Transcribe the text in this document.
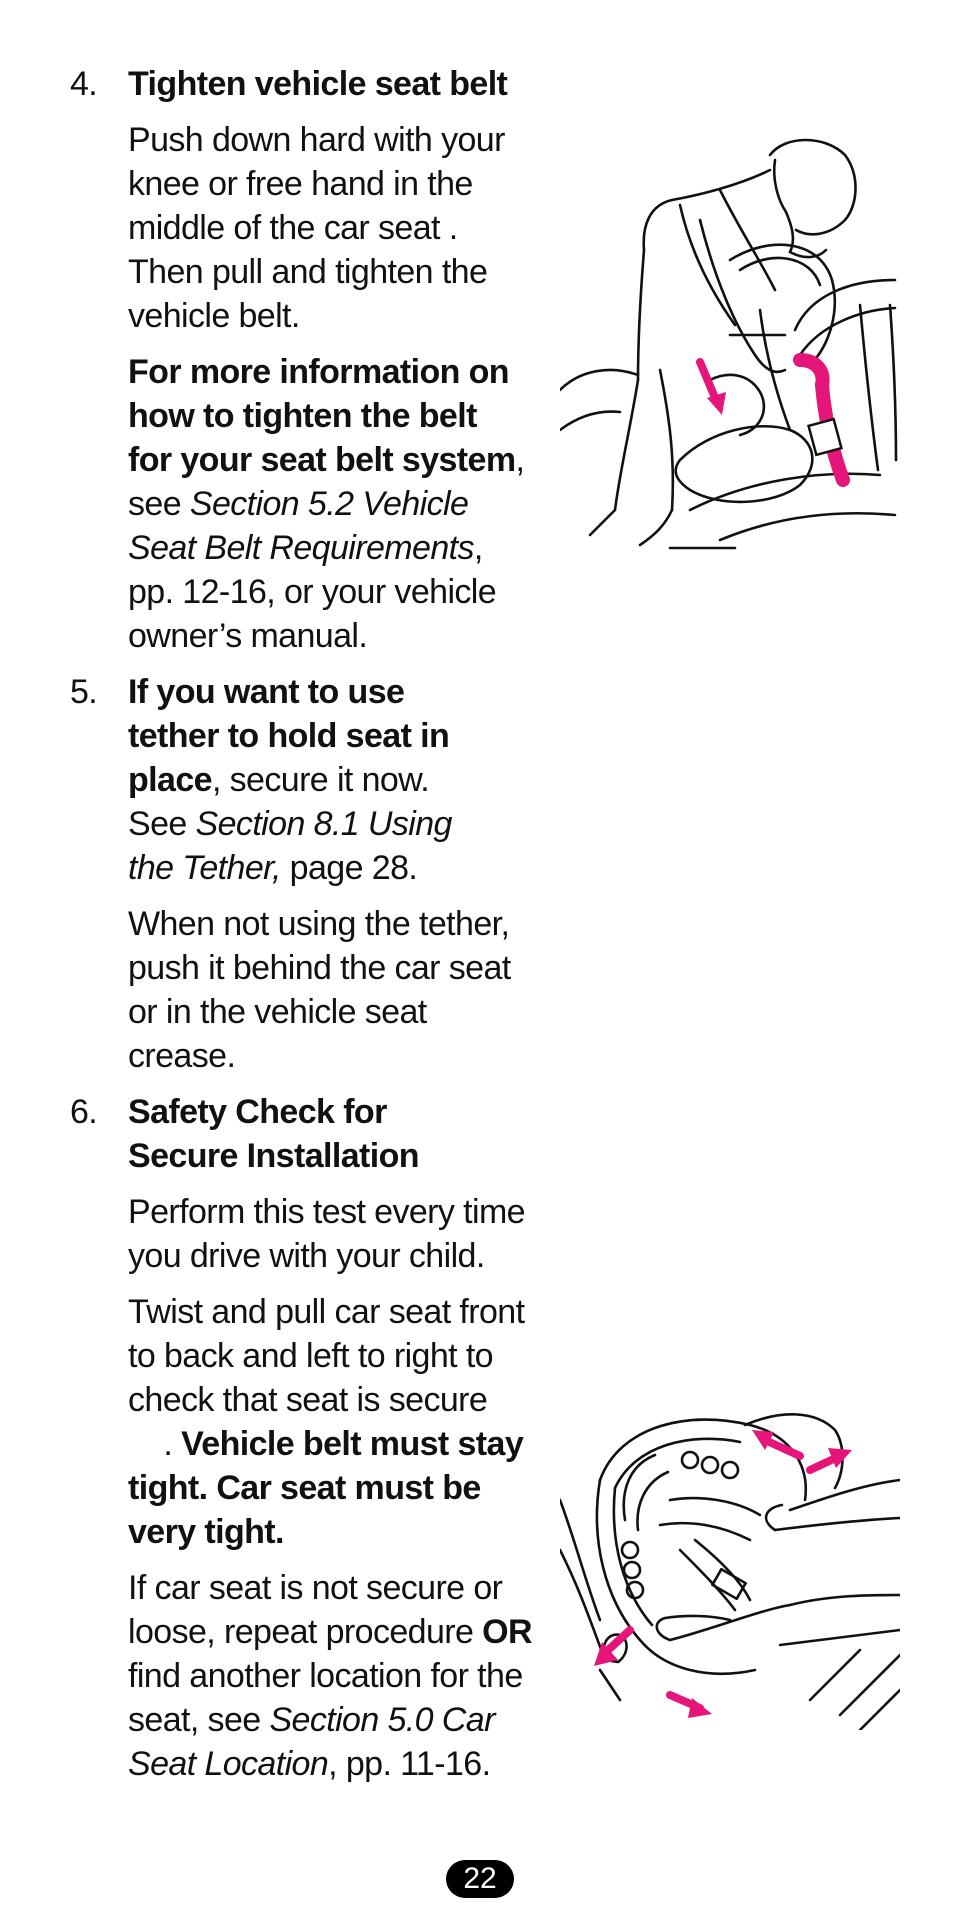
4. Tighten vehicle seat belt

Push down hard with your
knee or free hand in the
middle of the car seat .
Then pull and tighten the
vehicle belt.

For more information on
how to tighten the belt
for your seat belt system,
see Section 5.2 Vehicle
Seat Belt Requirements,
pp. 12-16, or your vehicle
owner’s manual.

5. If you want to use
tether to hold seat in
place, secure it now.
See Section 8.1 Using
the Tether, page 28.

When not using the tether,
push it behind the car seat
or in the vehicle seat
crease.

6. Safety Check for
Secure Installation

Perform this test every time
you drive with your child.

Twist and pull car seat front
to back and left to right to
check that seat is secure
. Vehicle belt must stay
tight. Car seat must be
very tight.

If car seat is not secure or
loose, repeat procedure OR
find another location for the
seat, see Section 5.0 Car
Seat Location, pp. 11-16.

22
